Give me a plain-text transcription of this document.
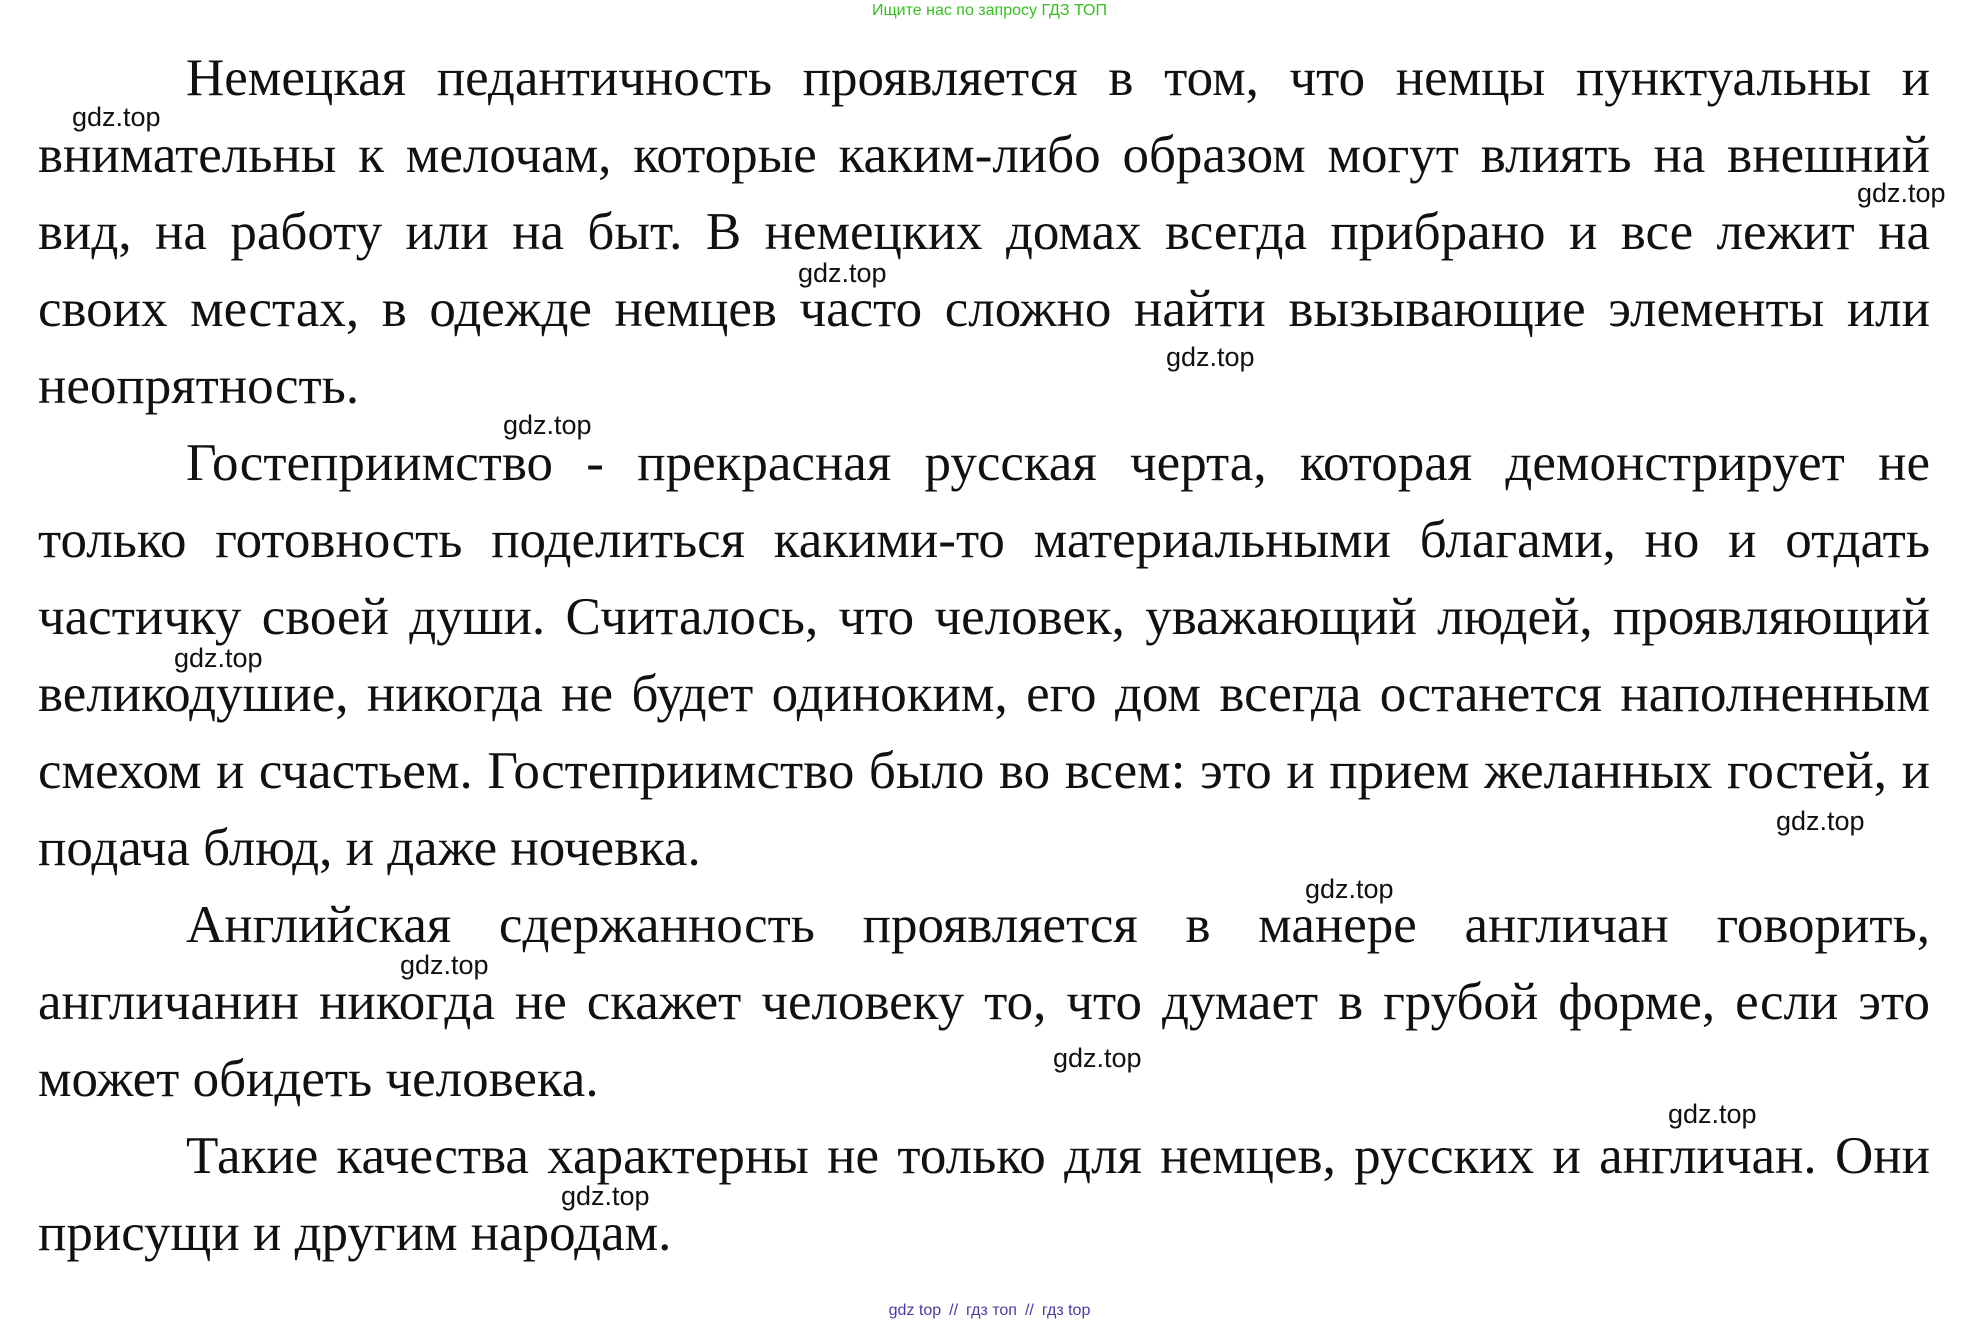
Ищите нас по запросу ГДЗ ТОП

Немецкая педантичность проявляется в том, что немцы пунктуальны и внимательны к мелочам, которые каким-либо образом могут влиять на внешний вид, на работу или на быт. В немецких домах всегда прибрано и все лежит на своих местах, в одежде немцев часто сложно найти вызывающие элементы или неопрятность.

Гостеприимство - прекрасная русская черта, которая демонстрирует не только готовность поделиться какими-то материальными благами, но и отдать частичку своей души. Считалось, что человек, уважающий людей, проявляющий великодушие, никогда не будет одиноким, его дом всегда останется наполненным смехом и счастьем. Гостеприимство было во всем: это и прием желанных гостей, и подача блюд, и даже ночевка.

Английская сдержанность проявляется в манере англичан говорить, англичанин никогда не скажет человеку то, что думает в грубой форме, если это может обидеть человека.

Такие качества характерны не только для немцев, русских и англичан. Они присущи и другим народам.

gdz.top
gdz.top
gdz.top
gdz.top
gdz.top
gdz.top
gdz.top
gdz.top
gdz.top
gdz.top
gdz.top
gdz.top
gdz top // гдз топ // гдз top
